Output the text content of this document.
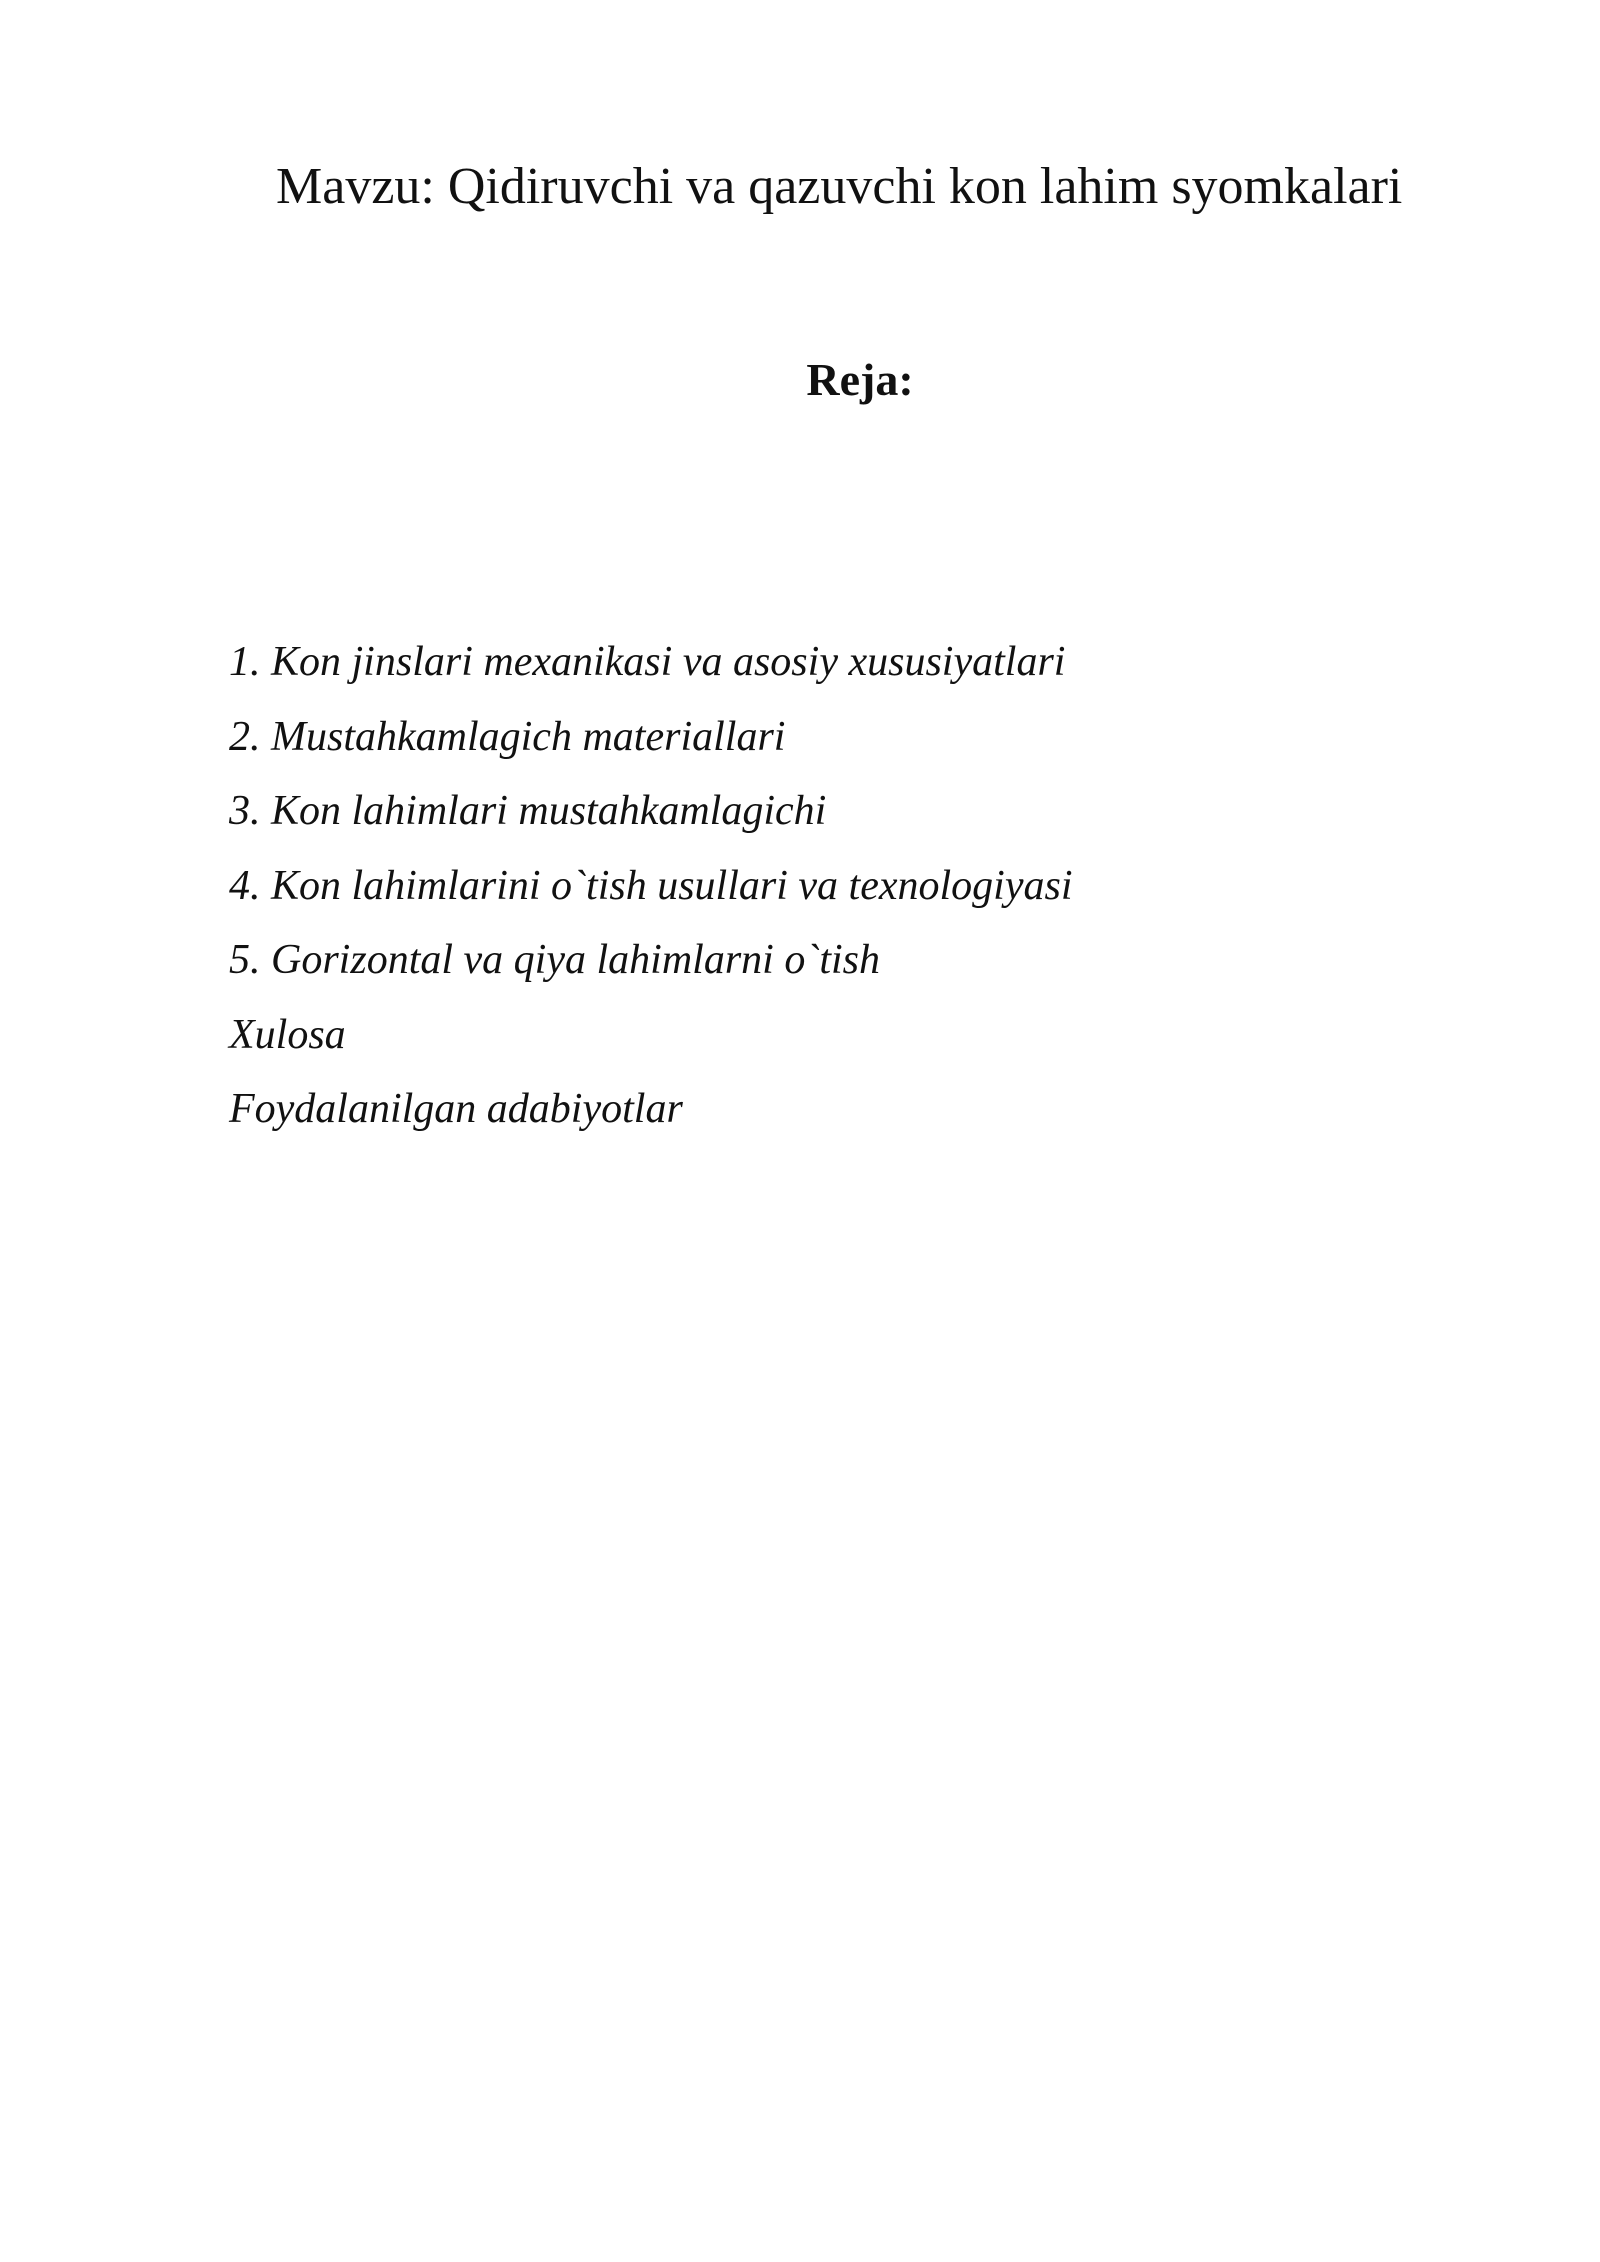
Mavzu: Qidiruvchi va qazuvchi kon lahim syomkalari
Reja:
1. Kon jinslari mexanikasi va asosiy xususiyatlari
2. Mustahkamlagich materiallari
3. Kon lahimlari mustahkamlagichi
4. Kon lahimlarini o`tish usullari va texnologiyasi
5. Gorizontal va qiya lahimlarni o`tish
Xulosa
Foydalanilgan adabiyotlar
